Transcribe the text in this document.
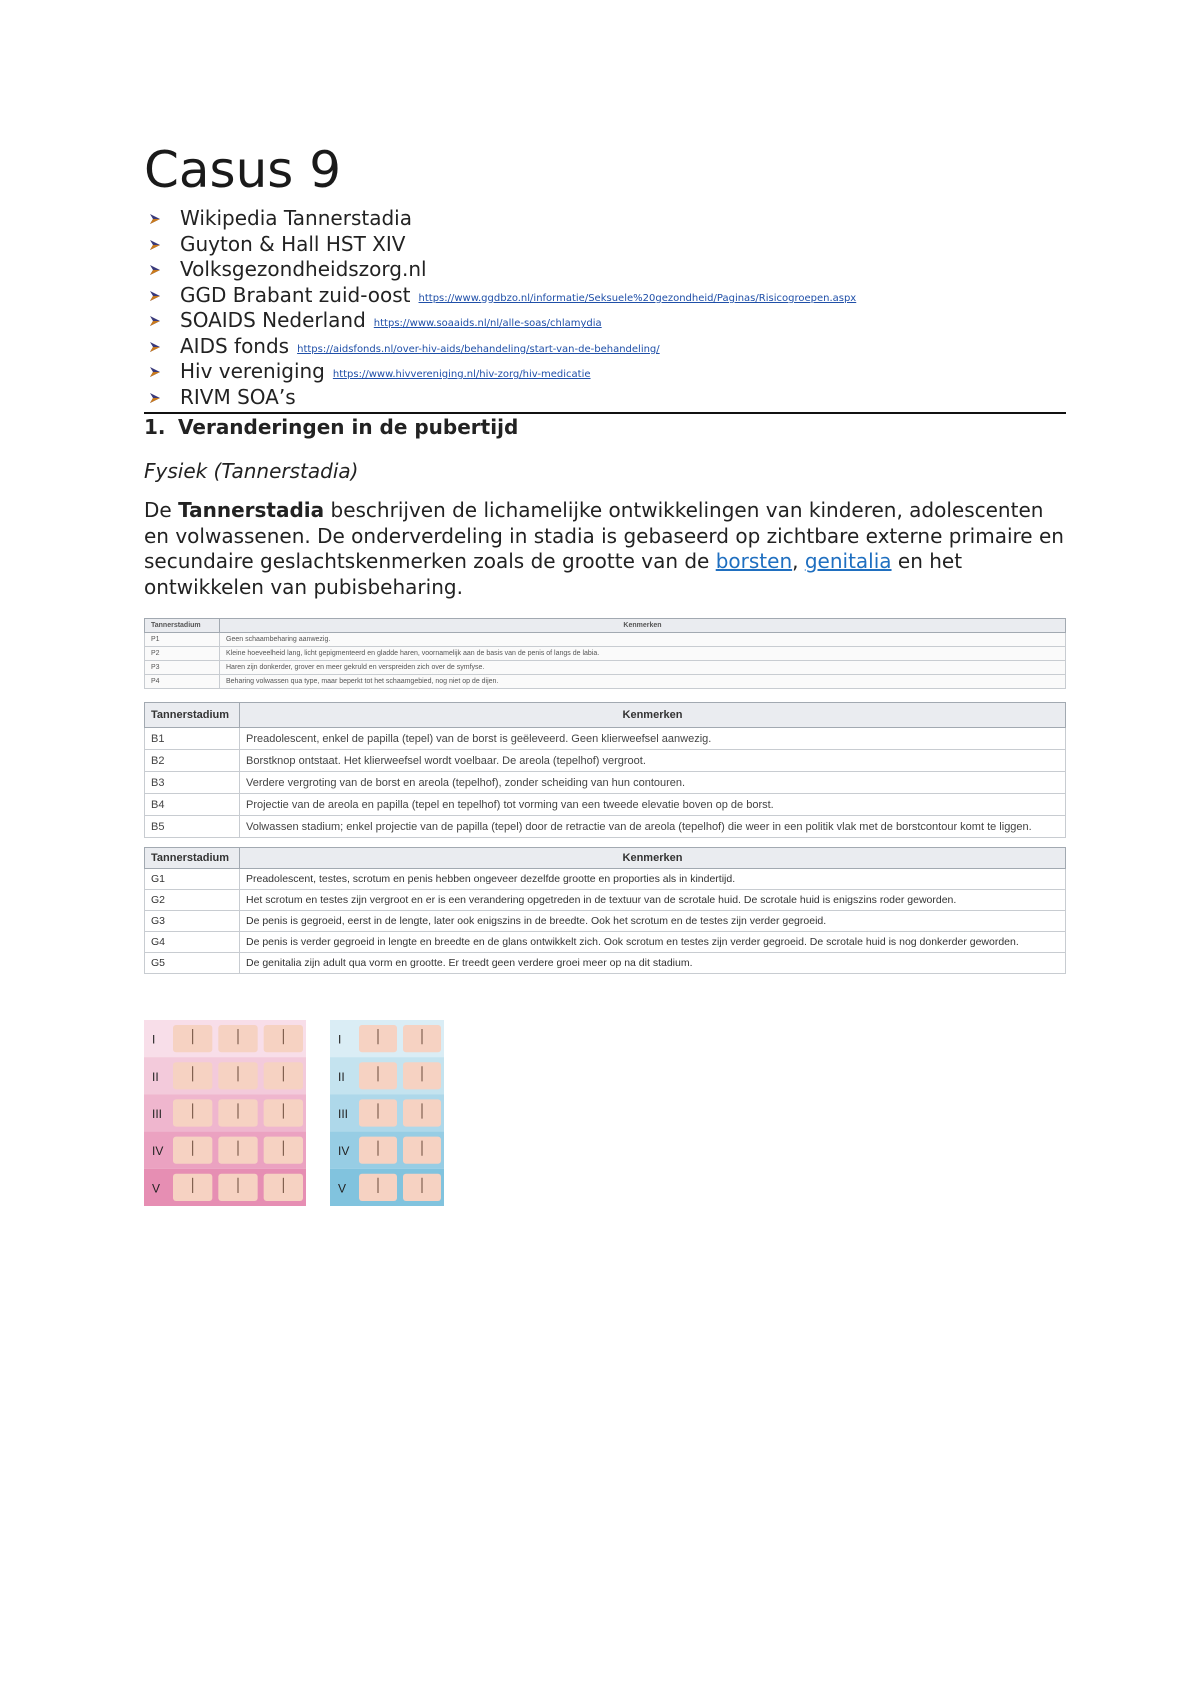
Casus 9
Wikipedia Tannerstadia
Guyton & Hall HST XIV
Volksgezondheidszorg.nl
GGD Brabant zuid-oost https://www.ggdbzo.nl/informatie/Seksuele%20gezondheid/Paginas/Risicogroepen.aspx
SOAIDS Nederland https://www.soaaids.nl/nl/alle-soas/chlamydia
AIDS fonds https://aidsfonds.nl/over-hiv-aids/behandeling/start-van-de-behandeling/
Hiv vereniging https://www.hivvereniging.nl/hiv-zorg/hiv-medicatie
RIVM SOA’s
1. Veranderingen in de pubertijd

Fysiek (Tannerstadia)

De Tannerstadia beschrijven de lichamelijke ontwikkelingen van kinderen, adolescenten en volwassenen. De onderverdeling in stadia is gebaseerd op zichtbare externe primaire en secundaire geslachtskenmerken zoals de grootte van de borsten, genitalia en het ontwikkelen van pubisbeharing.

Tannerstadium	Kenmerken
P1	Geen schaambeharing aanwezig.
P2	Kleine hoeveelheid lang, licht gepigmenteerd en gladde haren, voornamelijk aan de basis van de penis of langs de labia.
P3	Haren zijn donkerder, grover en meer gekruld en verspreiden zich over de symfyse.
P4	Beharing volwassen qua type, maar beperkt tot het schaamgebied, nog niet op de dijen.
Tannerstadium	Kenmerken
B1	Preadolescent, enkel de papilla (tepel) van de borst is geëleveerd. Geen klierweefsel aanwezig.
B2	Borstknop ontstaat. Het klierweefsel wordt voelbaar. De areola (tepelhof) vergroot.
B3	Verdere vergroting van de borst en areola (tepelhof), zonder scheiding van hun contouren.
B4	Projectie van de areola en papilla (tepel en tepelhof) tot vorming van een tweede elevatie boven op de borst.
B5	Volwassen stadium; enkel projectie van de papilla (tepel) door de retractie van de areola (tepelhof) die weer in een politik vlak met de borstcontour komt te liggen.
Tannerstadium	Kenmerken
G1	Preadolescent, testes, scrotum en penis hebben ongeveer dezelfde grootte en proporties als in kindertijd.
G2	Het scrotum en testes zijn vergroot en er is een verandering opgetreden in de textuur van de scrotale huid. De scrotale huid is enigszins roder geworden.
G3	De penis is gegroeid, eerst in de lengte, later ook enigszins in de breedte. Ook het scrotum en de testes zijn verder gegroeid.
G4	De penis is verder gegroeid in lengte en breedte en de glans ontwikkelt zich. Ook scrotum en testes zijn verder gegroeid. De scrotale huid is nog donkerder geworden.
G5	De genitalia zijn adult qua vorm en grootte. Er treedt geen verdere groei meer op na dit stadium.
I
II
III
IV
V
I
II
III
IV
V
